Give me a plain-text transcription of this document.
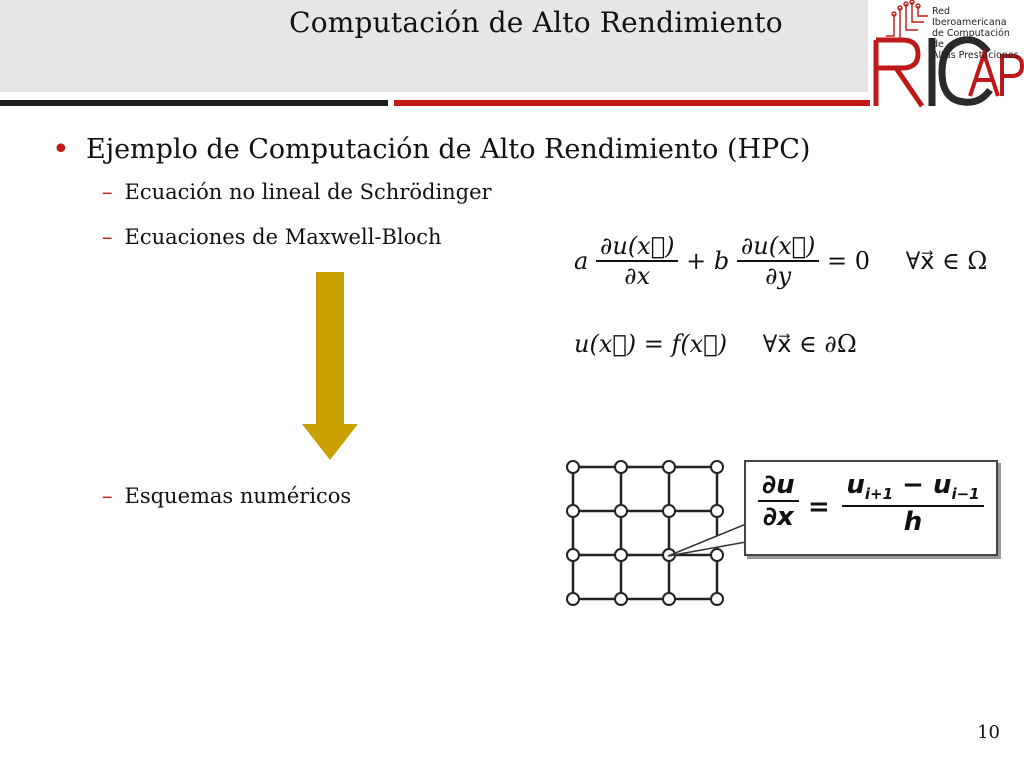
Computación de Alto Rendimiento	Red Iberoamericana
de Computación de
Altas Prestaciones
• Ejemplo de Computación de Alto Rendimiento (HPC)
– Ecuación no lineal de Schrödinger
– Ecuaciones de Maxwell-Bloch
– Esquemas numéricos
a $\frac{\partial u(x⃗)}{\partial x} + b \frac{\partial u(x⃗)}{\partial y} = 0$ ∀x⃗ ∈ Ω
u(x⃗) = f(x⃗) ∀x⃗ ∈ ∂Ω
$\frac{\partial u}{\partial x} = \frac{u_{i+1} - u_{i-1}}{h}$
10
